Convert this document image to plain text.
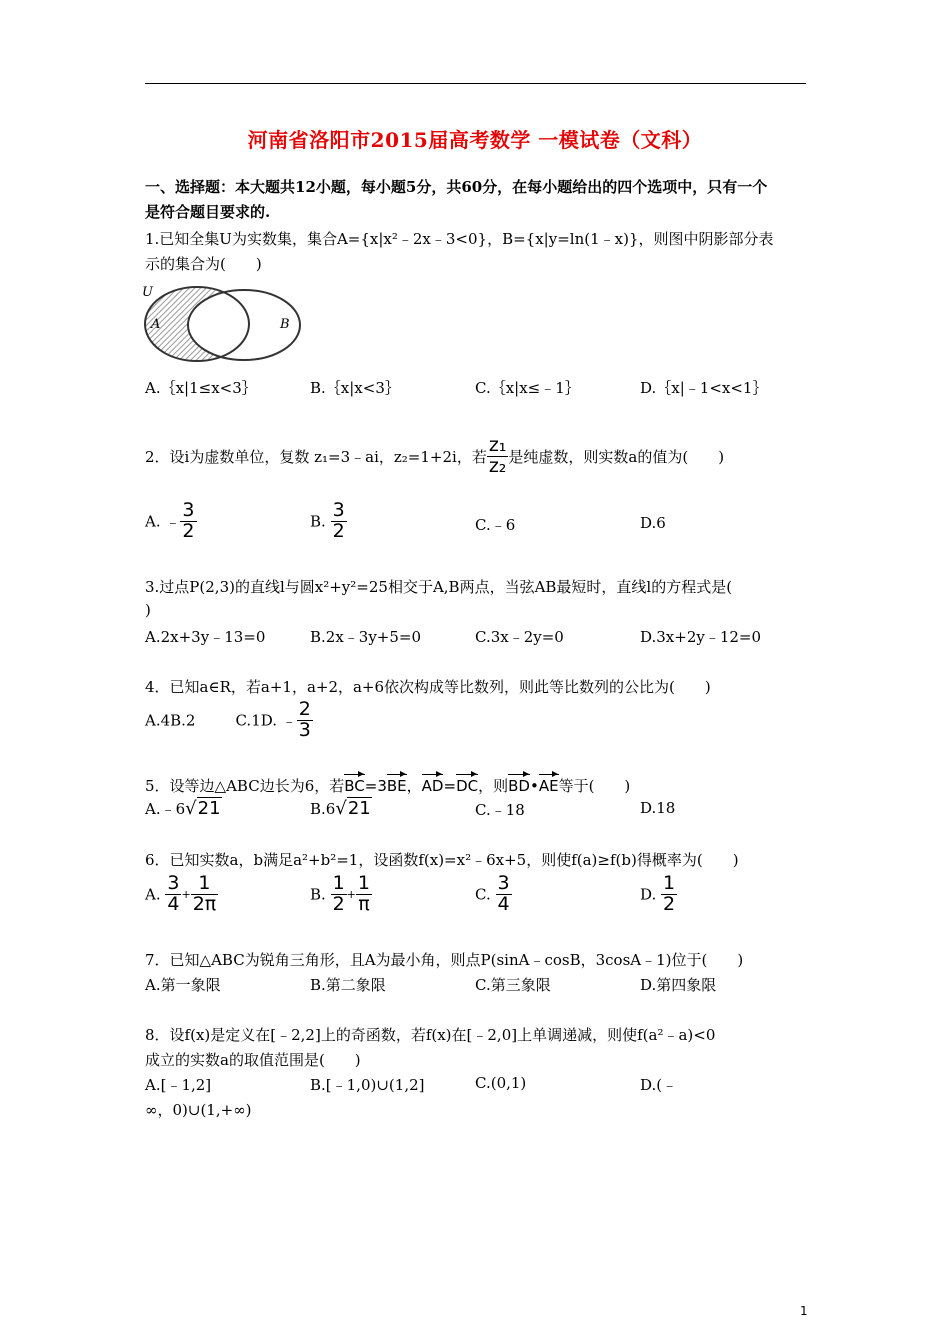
河南省洛阳市2015届高考数学 一模试卷（文科）
一、选择题：本大题共12小题，每小题5分，共60分，在每小题给出的四个选项中，只有一个
是符合题目要求的.
1.已知全集U为实数集，集合A={x|x²﹣2x﹣3<0}，B={x|y=ln(1﹣x)}，则图中阴影部分表
示的集合为(　　)
U
A	B
A.｛x|1≤x<3｝	B.｛x|x<3｝	C.｛x|x≤﹣1｝	D.｛x|﹣1<x<1｝
2．设i为虚数单位，复数 z₁=3﹣ai，z₂=1+2i，若 $\frac{\text{z₁}}{\text{z₂}}$ 是纯虚数，则实数a的值为(　　)
A. ﹣ $\frac{3}{2}$	B. $\frac{3}{2}$	C.﹣6	D.6
3.过点P(2,3)的直线l与圆x²+y²=25相交于A,B两点，当弦AB最短时，直线l的方程式是(
)
A.2x+3y﹣13=0	B.2x﹣3y+5=0	C.3x﹣2y=0	D.3x+2y﹣12=0
4．已知a∈R，若a+1，a+2，a+6依次构成等比数列，则此等比数列的公比为(　　)
A.4B.2	C.1D. ﹣ $\frac{2}{3}$
5．设等边△ABC边长为6，若BC=3BE，AD=DC，则BD•AE等于(　　)
A.﹣6√21	B.6√21	C.﹣18	D.18
6．已知实数a，b满足a²+b²=1，设函数f(x)=x²﹣6x+5，则使f(a)≥f(b)得概率为(　　)
A. $\frac{3}{4} + \frac{1}{2\pi}$	B. $\frac{1}{2} + \frac{1}{\pi}$	C. $\frac{3}{4}$	D. $\frac{1}{2}$
7．已知△ABC为锐角三角形，且A为最小角，则点P(sinA﹣cosB，3cosA﹣1)位于(　　)
A.第一象限	B.第二象限	C.第三象限	D.第四象限
8．设f(x)是定义在[﹣2,2]上的奇函数，若f(x)在[﹣2,0]上单调递减，则使f(a²﹣a)<0
成立的实数a的取值范围是(　　)
A.[﹣1,2]	B.[﹣1,0)∪(1,2]	C.(0,1)	D.(﹣
∞，0)∪(1,+∞)
1
